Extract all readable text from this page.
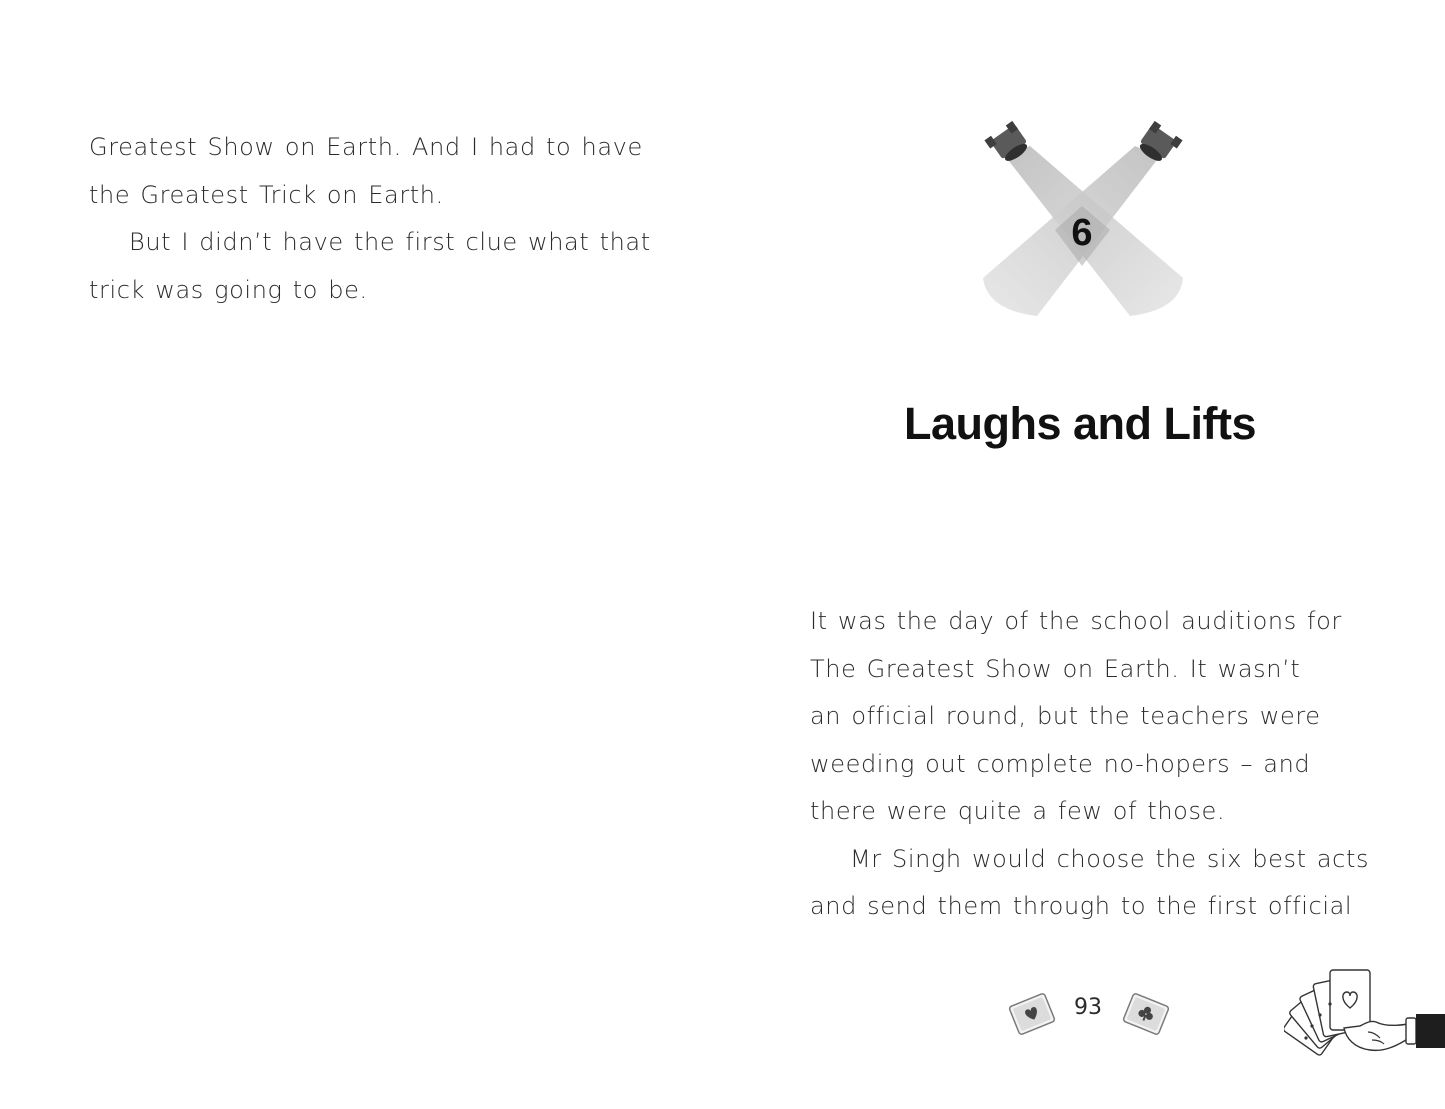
Greatest Show on Earth. And I had to have
the Greatest Trick on Earth.
But I didn’t have the first clue what that
trick was going to be.
6
Laughs and Lifts
It was the day of the school auditions for
The Greatest Show on Earth. It wasn’t
an official round, but the teachers were
weeding out complete no-hopers – and
there were quite a few of those.
Mr Singh would choose the six best acts
and send them through to the first official
93
